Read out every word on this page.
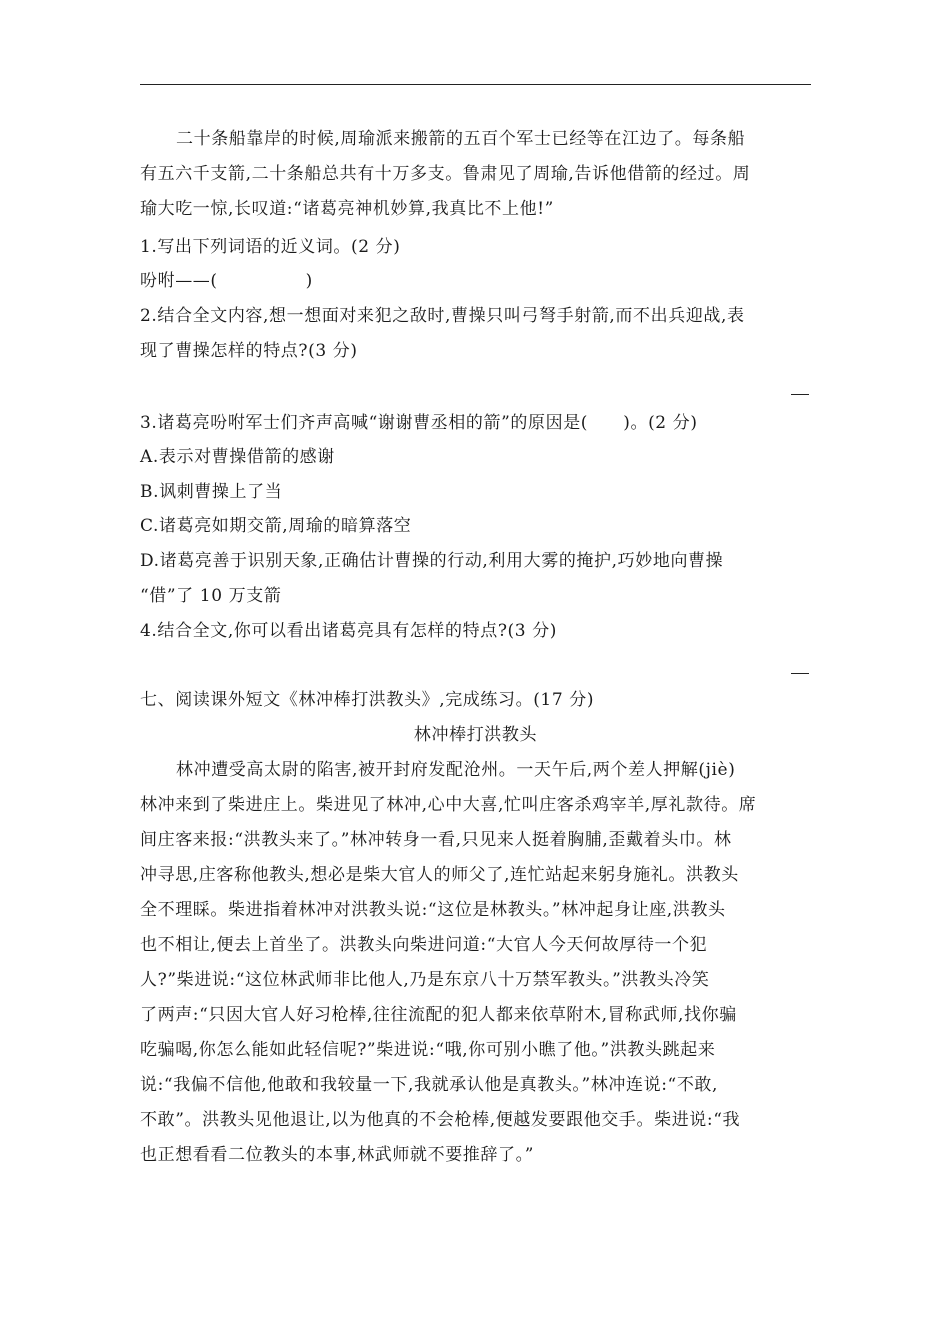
二十条船靠岸的时候,周瑜派来搬箭的五百个军士已经等在江边了。每条船
有五六千支箭,二十条船总共有十万多支。鲁肃见了周瑜,告诉他借箭的经过。周
瑜大吃一惊,长叹道:“诸葛亮神机妙算,我真比不上他!”
1.写出下列词语的近义词。(2 分)
吩咐——(　　　　　)
2.结合全文内容,想一想面对来犯之敌时,曹操只叫弓弩手射箭,而不出兵迎战,表
现了曹操怎样的特点?(3 分)
3.诸葛亮吩咐军士们齐声高喊“谢谢曹丞相的箭”的原因是(　　)。(2 分)
A.表示对曹操借箭的感谢
B.讽刺曹操上了当
C.诸葛亮如期交箭,周瑜的暗算落空
D.诸葛亮善于识别天象,正确估计曹操的行动,利用大雾的掩护,巧妙地向曹操
“借”了 10 万支箭
4.结合全文,你可以看出诸葛亮具有怎样的特点?(3 分)
七、阅读课外短文《林冲棒打洪教头》,完成练习。(17 分)
林冲棒打洪教头
林冲遭受高太尉的陷害,被开封府发配沧州。一天午后,两个差人押解(jiè)
林冲来到了柴进庄上。柴进见了林冲,心中大喜,忙叫庄客杀鸡宰羊,厚礼款待。席
间庄客来报:“洪教头来了。”林冲转身一看,只见来人挺着胸脯,歪戴着头巾。林
冲寻思,庄客称他教头,想必是柴大官人的师父了,连忙站起来躬身施礼。洪教头
全不理睬。柴进指着林冲对洪教头说:“这位是林教头。”林冲起身让座,洪教头
也不相让,便去上首坐了。洪教头向柴进问道:“大官人今天何故厚待一个犯
人?”柴进说:“这位林武师非比他人,乃是东京八十万禁军教头。”洪教头冷笑
了两声:“只因大官人好习枪棒,往往流配的犯人都来依草附木,冒称武师,找你骗
吃骗喝,你怎么能如此轻信呢?”柴进说:“哦,你可别小瞧了他。”洪教头跳起来
说:“我偏不信他,他敢和我较量一下,我就承认他是真教头。”林冲连说:“不敢,
不敢”。洪教头见他退让,以为他真的不会枪棒,便越发要跟他交手。柴进说:“我
也正想看看二位教头的本事,林武师就不要推辞了。”
